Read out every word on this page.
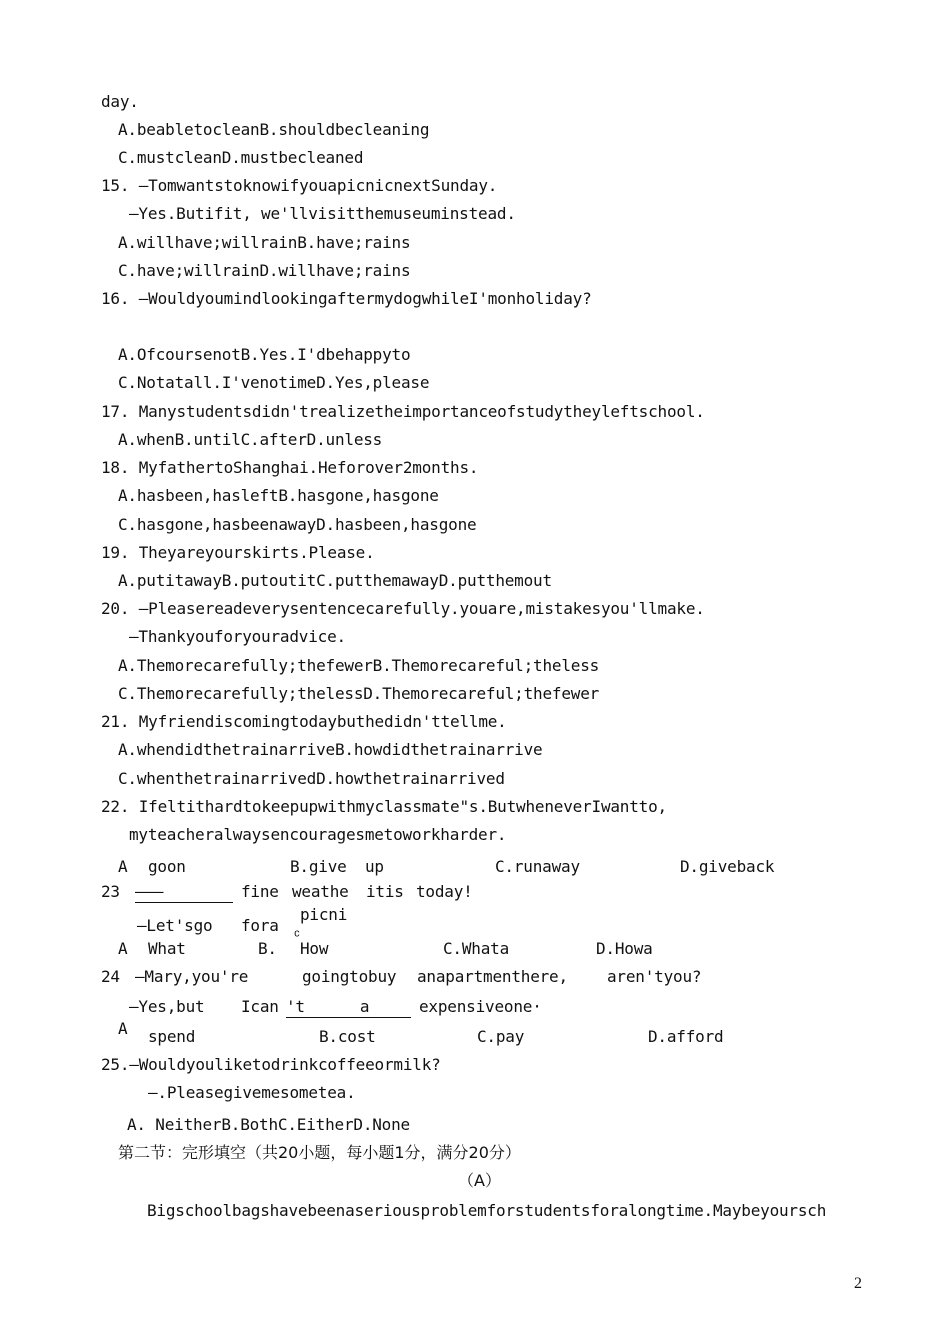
day.
A.beabletocleanB.shouldbecleaning
C.mustcleanD.mustbecleaned
15. —TomwantstoknowifyouapicnicnextSunday.
—Yes.Butifit, we'llvisitthemuseuminstead.
A.willhave;willrainB.have;rains
C.have;willrainD.willhave;rains
16. —WouldyoumindlookingaftermydogwhileI'monholiday?
A.OfcoursenotB.Yes.I'dbehappyto
C.Notatall.I'venotimeD.Yes,please
17. Manystudentsdidn'trealizetheimportanceofstudytheyleftschool.
A.whenB.untilC.afterD.unless
18. MyfathertoShanghai.Heforover2months.
A.hasbeen,hasleftB.hasgone,hasgone
C.hasgone,hasbeenawayD.hasbeen,hasgone
19. Theyareyourskirts.Please.
A.putitawayB.putoutitC.putthemawayD.putthemout
20. —Pleasereadeverysentencecarefully.youare,mistakesyou'llmake.
—Thankyouforyouradvice.
A.Themorecarefully;thefewerB.Themorecareful;theless
C.Themorecarefully;thelessD.Themorecareful;thefewer
21. Myfriendiscomingtodaybuthedidn'ttellme.
A.whendidthetrainarriveB.howdidthetrainarrive
C.whenthetrainarrivedD.howthetrainarrived
22. Ifeltithardtokeepupwithmyclassmate"s.ButwheneverIwantto,
myteacheralwaysencouragesmetoworkharder.
A goon	B.give up	C.runaway	D.giveback
23 ———	fine weathe itis today!
—Let'sgo fora
picni
A What	B. How	C.Whata	D.Howa
24 —Mary,you're	goingtobuy anapartmenthere, aren'tyou?
—Yes,but Ican 't	a	expensiveone·
A spend	B.cost	C.pay	D.afford
25.—Wouldyouliketodrinkcoffeeormilk?
—.Pleasegivemesometea.
A. NeitherB.BothC.EitherD.None
第二节：完形填空（共20小题，每小题1分，满分20分）
（A）
Bigschoolbagshavebeenaseriousproblemforstudentsforalongtime.Maybeyoursch
2
